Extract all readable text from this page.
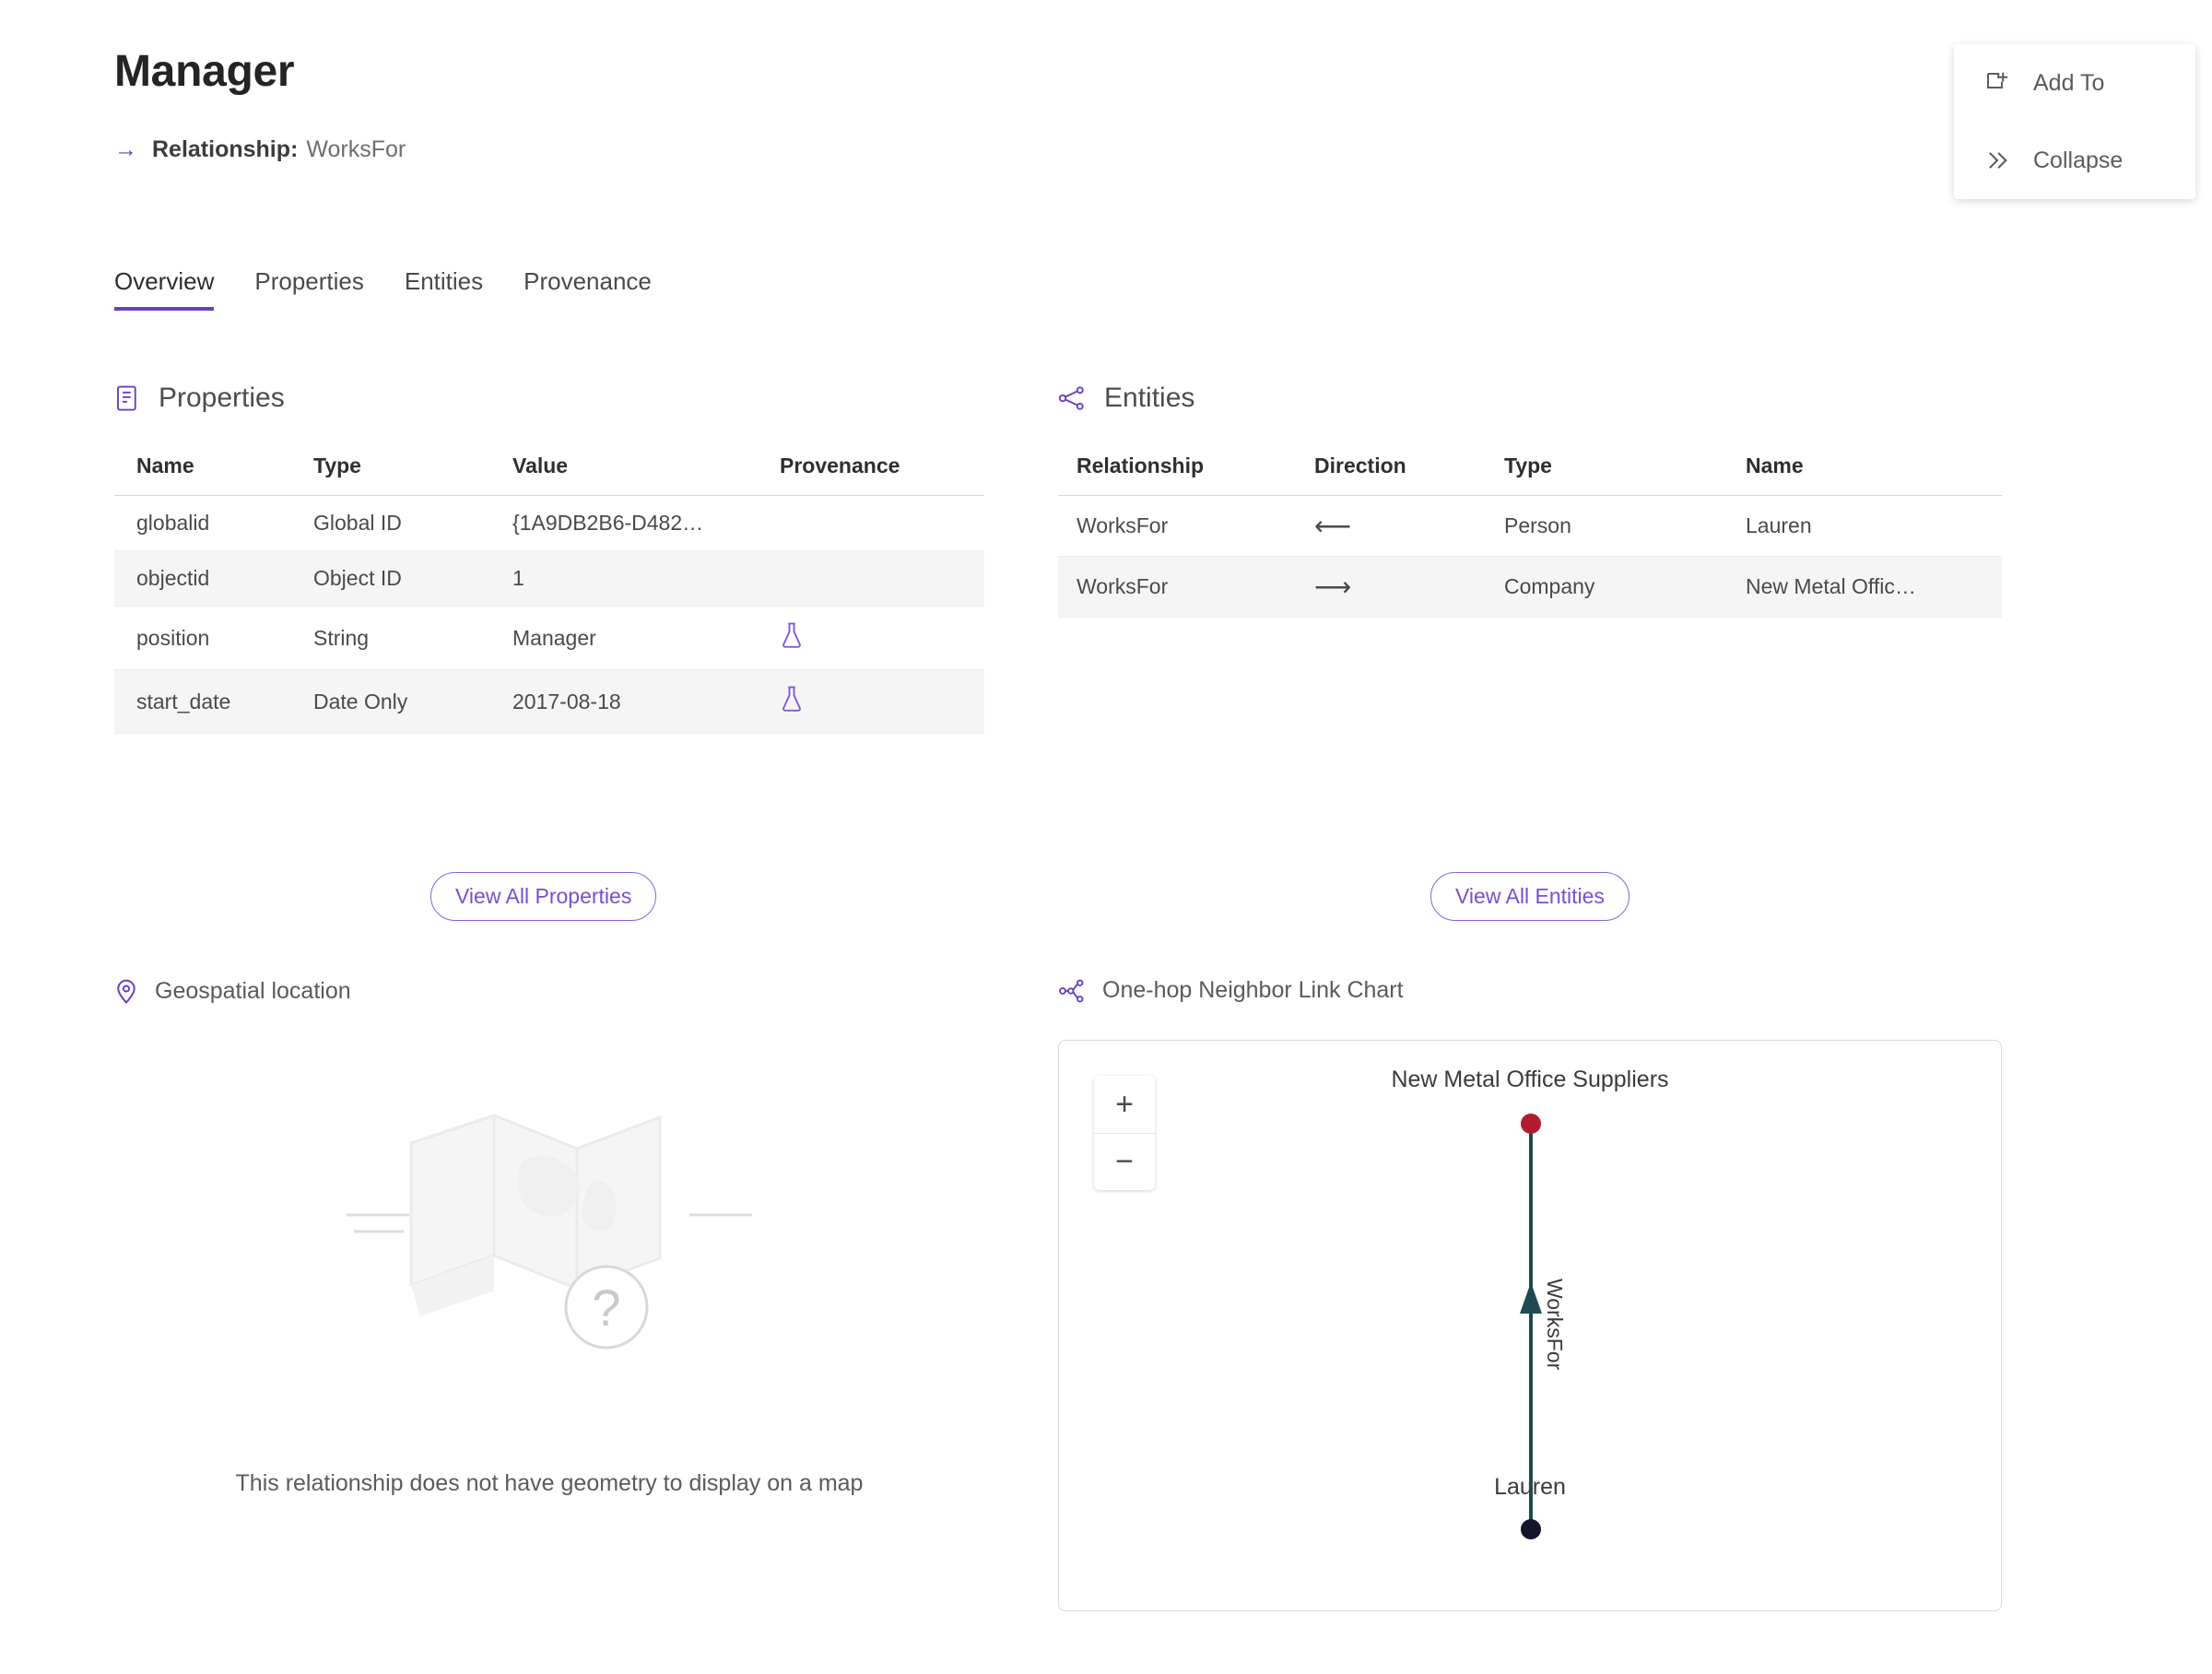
Manager
→ Relationship: WorksFor
Add To
Collapse
Overview	Properties	Entities	Provenance
Properties
Name	Type	Value	Provenance
globalid	Global ID	{1A9DB2B6-D482…	
objectid	Object ID	1	
position	String	Manager	
start_date	Date Only	2017-08-18	
Entities
Relationship	Direction	Type	Name
WorksFor	⟵	Person	Lauren
WorksFor	⟶	Company	New Metal Offic…
View All Properties	View All Entities
Geospatial location
?
This relationship does not have geometry to display on a map
One-hop Neighbor Link Chart
+
−
New Metal Office Suppliers
Lauren
WorksFor
